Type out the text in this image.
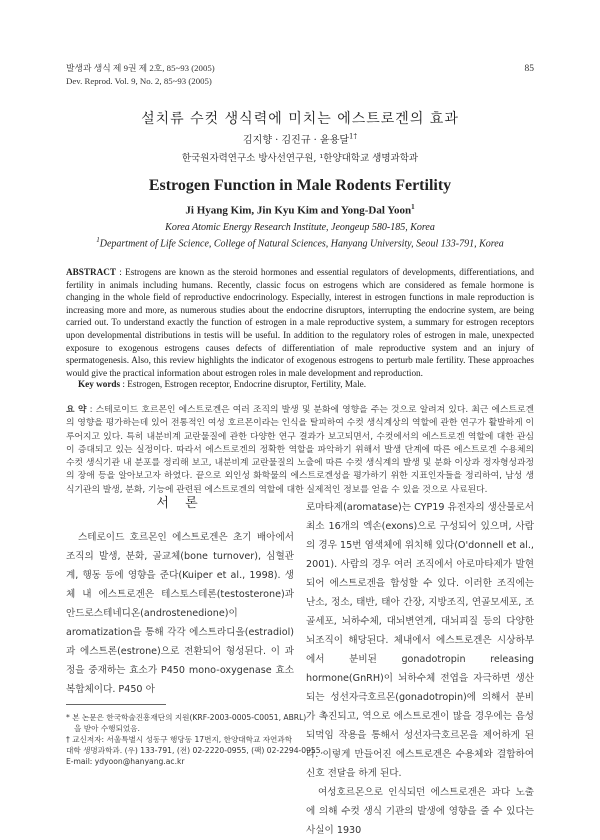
발생과 생식 제 9권 제 2호, 85~93 (2005)
Dev. Reprod. Vol. 9, No. 2, 85~93 (2005)
85
설치류 수컷 생식력에 미치는 에스트로겐의 효과
김지향 · 김진규 · 윤용달$^{1\dagger}$
한국원자력연구소 방사선연구원, ¹한양대학교 생명과학과
Estrogen Function in Male Rodents Fertility
Ji Hyang Kim, Jin Kyu Kim and Yong-Dal Yoon$^1$
Korea Atomic Energy Research Institute, Jeongeup 580-185, Korea
$^1$Department of Life Science, College of Natural Sciences, Hanyang University, Seoul 133-791, Korea
ABSTRACT : Estrogens are known as the steroid hormones and essential regulators of developments, differentiations, and fertility in animals including humans. Recently, classic focus on estrogens which are considered as female hormone is changing in the whole field of reproductive endocrinology. Especially, interest in estrogen functions in male reproduction is increasing more and more, as numerous studies about the endocrine disruptors, interrupting the endocrine system, are being carried out. To understand exactly the function of estrogen in a male reproductive system, a summary for estrogen receptors upon developmental distributions in testis will be useful. In addition to the regulatory roles of estrogen in male, unexpected exposure to exogenous estrogens causes defects of differentiation of male reproductive system and an injury of spermatogenesis. Also, this review highlights the indicator of exogenous estrogens to perturb male fertility. These approaches would give the practical information about estrogen roles in male development and reproduction.
Key words : Estrogen, Estrogen receptor, Endocrine disruptor, Fertility, Male.
요 약 : 스테로이드 호르몬인 에스트로겐은 여러 조직의 발생 및 분화에 영향을 주는 것으로 알려져 있다. 최근 에스트로겐의 영향을 평가하는데 있어 전통적인 여성 호르몬이라는 인식을 탈피하여 수컷 생식계상의 역할에 관한 연구가 활발하게 이루어지고 있다. 특히 내분비계 교란물질에 관한 다양한 연구 결과가 보고되면서, 수컷에서의 에스트로겐 역할에 대한 관심이 증대되고 있는 실정이다. 따라서 에스트로겐의 정확한 역할을 파악하기 위해서 발생 단계에 따른 에스트로겐 수용체의 수컷 생식기관 내 분포를 정리해 보고, 내분비계 교란물질의 노출에 따른 수컷 생식계의 발생 및 분화 이상과 정자형성과정의 장애 등을 알아보고자 하였다. 끝으로 외인성 화학물의 에스트로겐성을 평가하기 위한 지표인자들을 정리하여, 남성 생식기관의 발생, 분화, 기능에 관련된 에스트로겐의 역할에 대한 실제적인 정보를 얻을 수 있을 것으로 사료된다.
서 론
스테로이드 호르몬인 에스트로겐은 초기 배아에서 조직의 발생, 분화, 골교체(bone turnover), 심혈관계, 행동 등에 영향을 준다(Kuiper et al., 1998). 생체 내 에스트로겐은 테스토스테론(testosterone)과 안드로스테네디온(androstenedione)이 aromatization을 통해 각각 에스트라디올(estradiol)과 에스트론(estrone)으로 전환되어 형성된다. 이 과정을 중재하는 효소가 P450 mono-oxygenase 효소 복합체이다. P450 아
로마타제(aromatase)는 CYP19 유전자의 생산물로서 최소 16개의 엑손(exons)으로 구성되어 있으며, 사람의 경우 15번 염색체에 위치해 있다(O'donnell et al., 2001). 사람의 경우 여러 조직에서 아로마타제가 발현되어 에스트로겐을 합성할 수 있다. 이러한 조직에는 난소, 정소, 태반, 태아 간장, 지방조직, 연골모세포, 조골세포, 뇌하수체, 대뇌변연계, 대뇌피질 등의 다양한 뇌조직이 해당된다. 체내에서 에스트로겐은 시상하부에서 분비된 gonadotropin releasing hormone(GnRH)이 뇌하수체 전엽을 자극하면 생산되는 성선자극호르몬(gonadotropin)에 의해서 분비가 촉진되고, 역으로 에스트로겐이 많을 경우에는 음성되먹임 작용을 통해서 성선자극호르몬을 제어하게 된다. 이렇게 만들어진 에스트로겐은 수용체와 결합하여 신호 전달을 하게 된다.
여성호르몬으로 인식되던 에스트로겐은 과다 노출에 의해 수컷 생식 기관의 발생에 영향을 줄 수 있다는 사실이 1930
* 본 논문은 한국학술진흥재단의 지원(KRF-2003-0005-C0051, ABRL)
을 받아 수행되었음.
† 교신저자: 서울특별시 성동구 행당동 17번지, 한양대학교 자연과학
대학 생명과학과. (우) 133-791, (전) 02-2220-0955, (팩) 02-2294-0955,
E-mail: ydyoon@hanyang.ac.kr
